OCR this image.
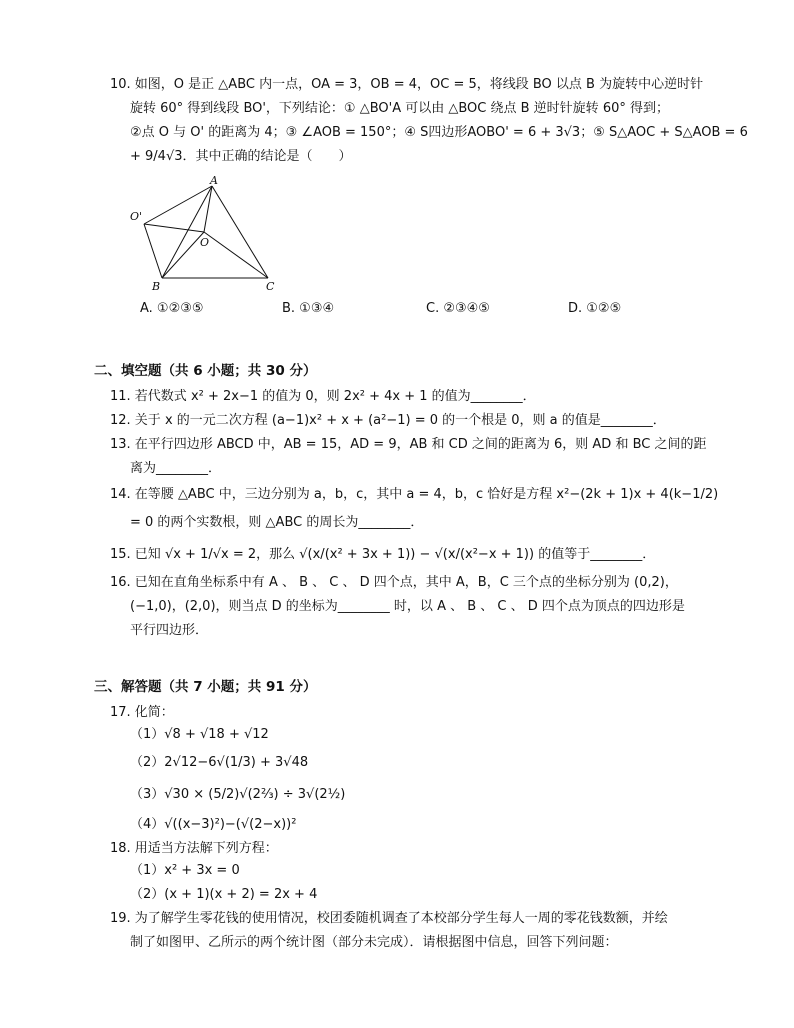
10. 如图，O 是正 △ABC 内一点，OA = 3，OB = 4，OC = 5，将线段 BO 以点 B 为旋转中心逆时针
旋转 60° 得到线段 BO'，下列结论：① △BO'A 可以由 △BOC 绕点 B 逆时针旋转 60° 得到；
②点 O 与 O' 的距离为 4；③ ∠AOB = 150°；④ S四边形AOBO' = 6 + 3√3；⑤ S△AOC + S△AOB = 6
+ 9/4√3．其中正确的结论是（　　）
A
O'
O
B	C
A. ①②③⑤	B. ①③④	C. ②③④⑤	D. ①②⑤
二、填空题（共 6 小题；共 30 分）
11. 若代数式 x² + 2x−1 的值为 0，则 2x² + 4x + 1 的值为________．
12. 关于 x 的一元二次方程 (a−1)x² + x + (a²−1) = 0 的一个根是 0，则 a 的值是________．
13. 在平行四边形 ABCD 中，AB = 15，AD = 9，AB 和 CD 之间的距离为 6，则 AD 和 BC 之间的距
离为________．
14. 在等腰 △ABC 中，三边分别为 a，b，c，其中 a = 4，b，c 恰好是方程 x²−(2k + 1)x + 4(k−1/2)
= 0 的两个实数根，则 △ABC 的周长为________．
15. 已知 √x + 1/√x = 2，那么 √(x/(x² + 3x + 1)) − √(x/(x²−x + 1)) 的值等于________．
16. 已知在直角坐标系中有 A 、 B 、 C 、 D 四个点，其中 A，B，C 三个点的坐标分别为 (0,2)，
(−1,0)，(2,0)，则当点 D 的坐标为________ 时，以 A 、 B 、 C 、 D 四个点为顶点的四边形是
平行四边形．
三、解答题（共 7 小题；共 91 分）
17. 化简：
（1）√8 + √18 + √12
（2）2√12−6√(1/3) + 3√48
（3）√30 × (5/2)√(2⅔) ÷ 3√(2½)
（4）√((x−3)²)−(√(2−x))²
18. 用适当方法解下列方程：
（1）x² + 3x = 0
（2）(x + 1)(x + 2) = 2x + 4
19. 为了解学生零花钱的使用情况，校团委随机调查了本校部分学生每人一周的零花钱数额，并绘
制了如图甲、乙所示的两个统计图（部分未完成）．请根据图中信息，回答下列问题：
